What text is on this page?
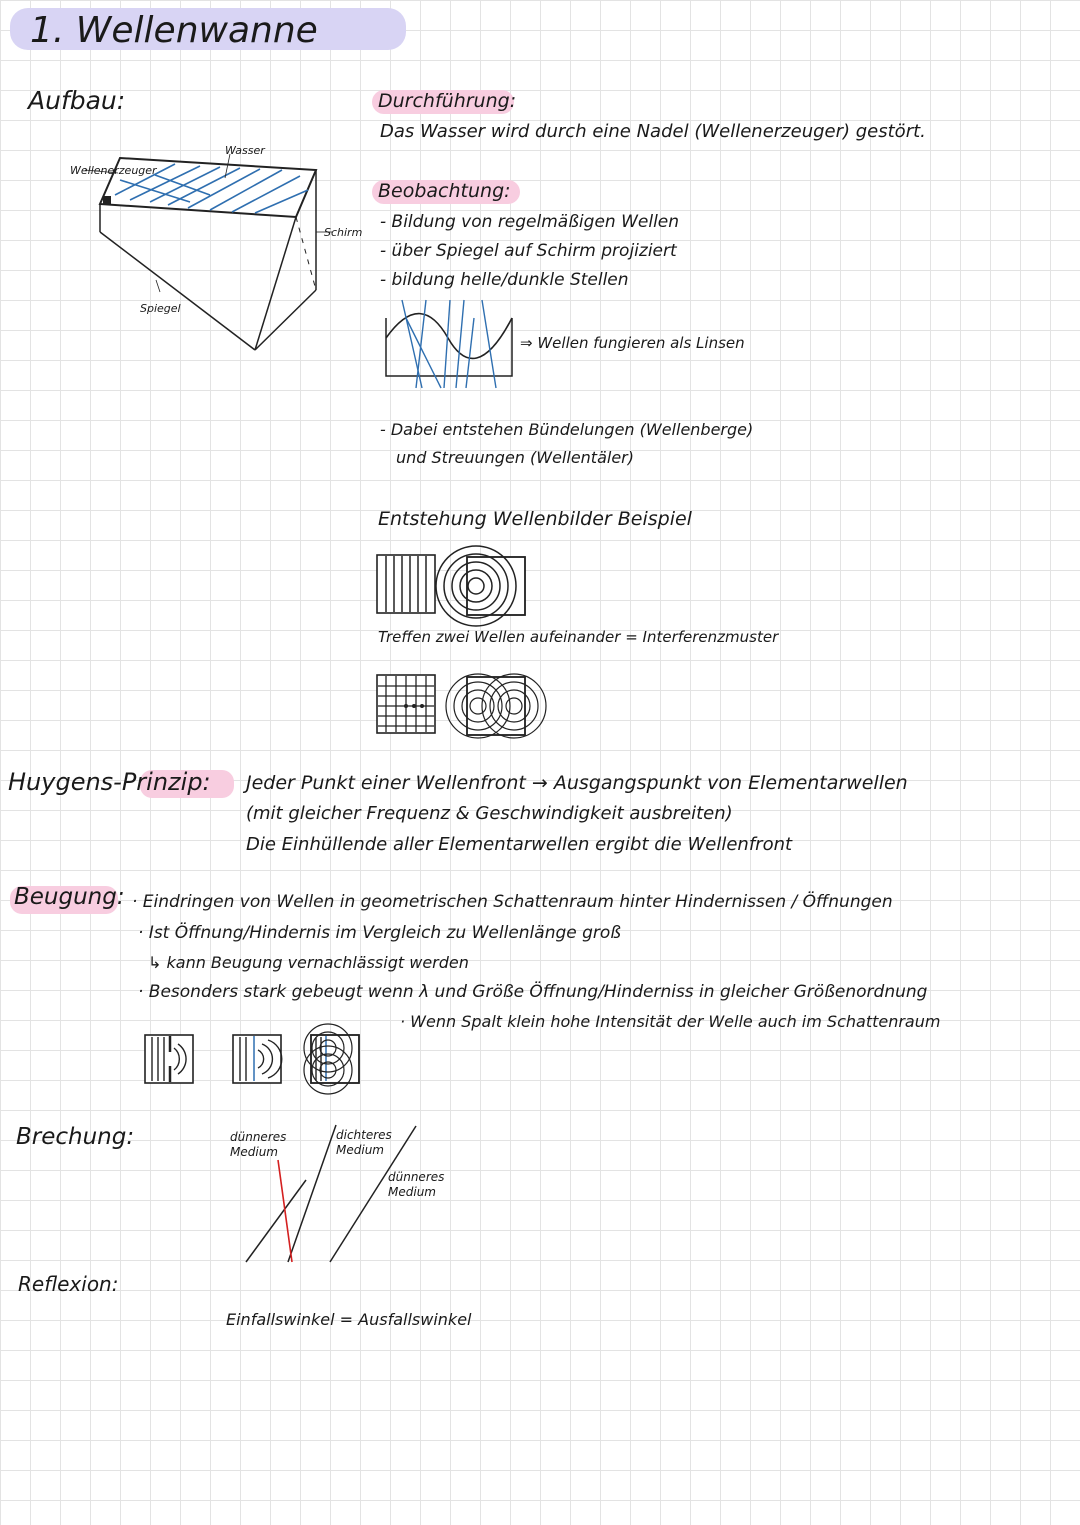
1. Wellenwanne
Aufbau:
Wellenerzeuger
Wasser
Schirm
Spiegel
Durchführung:
Das Wasser wird durch eine Nadel (Wellenerzeuger) gestört.
Beobachtung:
- Bildung von regelmäßigen Wellen
- über Spiegel auf Schirm projiziert
- bildung helle/dunkle Stellen
⇒ Wellen fungieren als Linsen
- Dabei entstehen Bündelungen (Wellenberge)
und Streuungen (Wellentäler)
Entstehung Wellenbilder Beispiel
Treffen zwei Wellen aufeinander = Interferenzmuster
Huygens-Prinzip: Jeder Punkt einer Wellenfront → Ausgangspunkt von Elementarwellen
(mit gleicher Frequenz & Geschwindigkeit ausbreiten)
Die Einhüllende aller Elementarwellen ergibt die Wellenfront
Beugung: · Eindringen von Wellen in geometrischen Schattenraum hinter Hindernissen / Öffnungen
· Ist Öffnung/Hindernis im Vergleich zu Wellenlänge groß
↳ kann Beugung vernachlässigt werden
· Besonders stark gebeugt wenn λ und Größe Öffnung/Hinderniss in gleicher Größenordnung
· Wenn Spalt klein hohe Intensität der Welle auch im Schattenraum
Brechung:	dünneres Medium
dichteres Medium
dünneres Medium
Reflexion:
Einfallswinkel = Ausfallswinkel
